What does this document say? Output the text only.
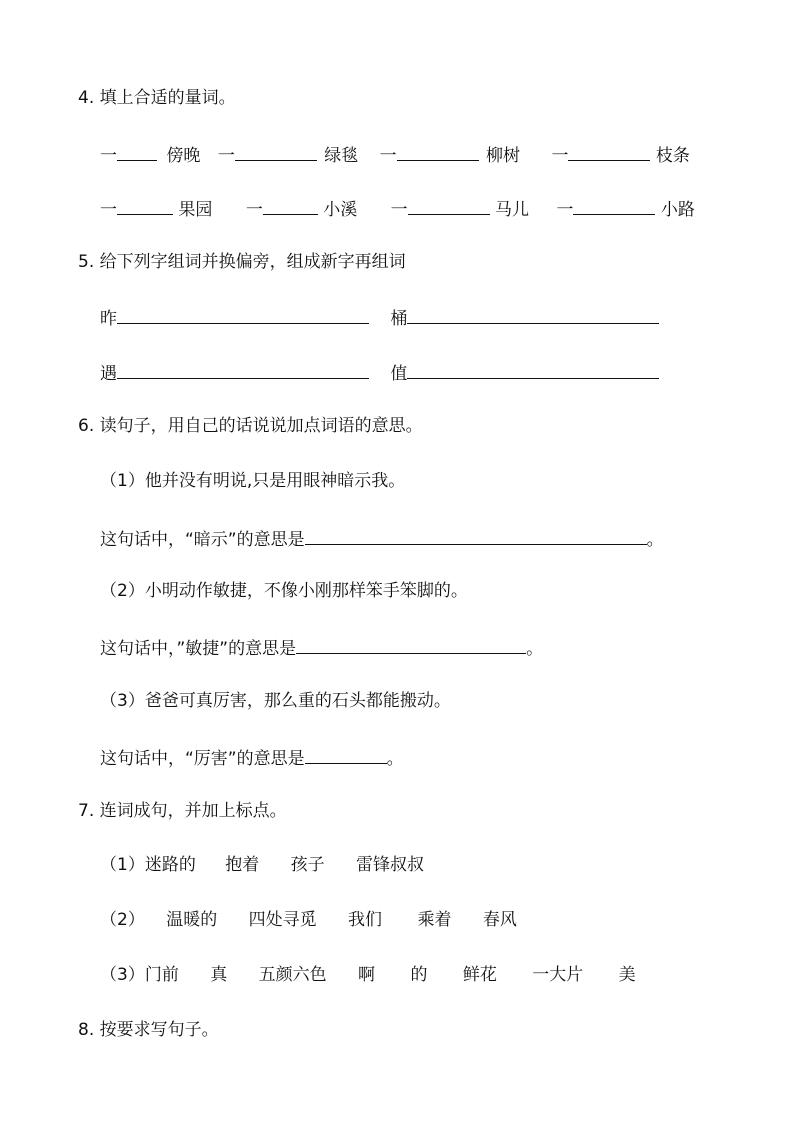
4. 填上合适的量词。
一	傍晚 一	绿毯 一	柳树 一	枝条
一	果园 一	小溪 一	马儿 一	小路
5. 给下列字组词并换偏旁，组成新字再组词
昨	桶
遇	值
6. 读句子，用自己的话说说加点词语的意思。
（1）他并没有明说,只是用眼神暗示我。
这句话中，“暗示”的意思是	。
（2）小明动作敏捷，不像小刚那样笨手笨脚的。
这句话中，”敏捷”的意思是	。
（3）爸爸可真厉害，那么重的石头都能搬动。
这句话中，“厉害”的意思是	。
7. 连词成句，并加上标点。
（1）迷路的 抱着 孩子 雷锋叔叔
（2） 温暖的 四处寻觅 我们 乘着 春风
（3）门前 真 五颜六色 啊 的 鲜花 一大片 美
8. 按要求写句子。
